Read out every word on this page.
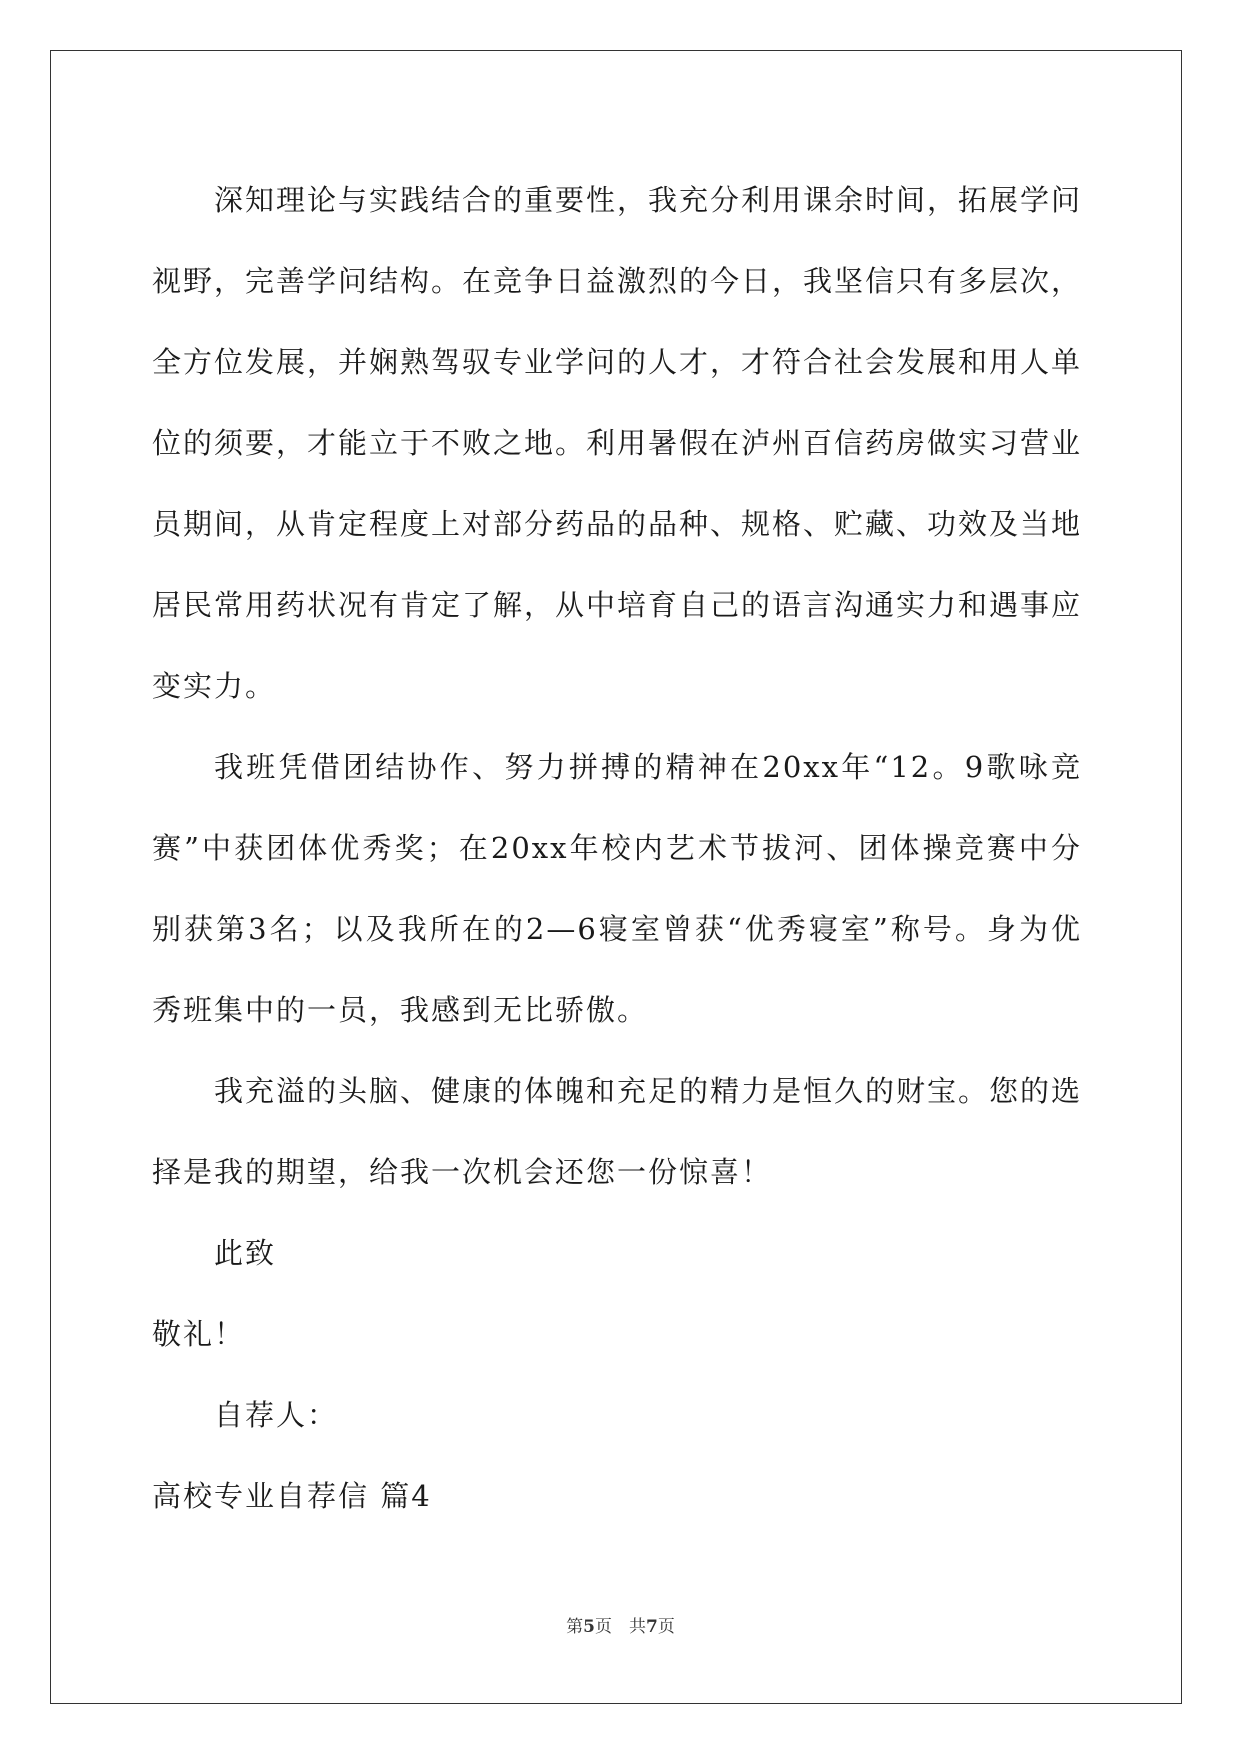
深知理论与实践结合的重要性，我充分利用课余时间，拓展学问视野，完善学问结构。在竞争日益激烈的今日，我坚信只有多层次，全方位发展，并娴熟驾驭专业学问的人才，才符合社会发展和用人单位的须要，才能立于不败之地。利用暑假在泸州百信药房做实习营业员期间，从肯定程度上对部分药品的品种、规格、贮藏、功效及当地居民常用药状况有肯定了解，从中培育自己的语言沟通实力和遇事应变实力。

我班凭借团结协作、努力拼搏的精神在20xx年“12。9歌咏竞赛”中获团体优秀奖；在20xx年校内艺术节拔河、团体操竞赛中分别获第3名；以及我所在的2—6寝室曾获“优秀寝室”称号。身为优秀班集中的一员，我感到无比骄傲。

我充溢的头脑、健康的体魄和充足的精力是恒久的财宝。您的选择是我的期望，给我一次机会还您一份惊喜！

此致

敬礼！

自荐人：

高校专业自荐信 篇4

第5页　共7页
